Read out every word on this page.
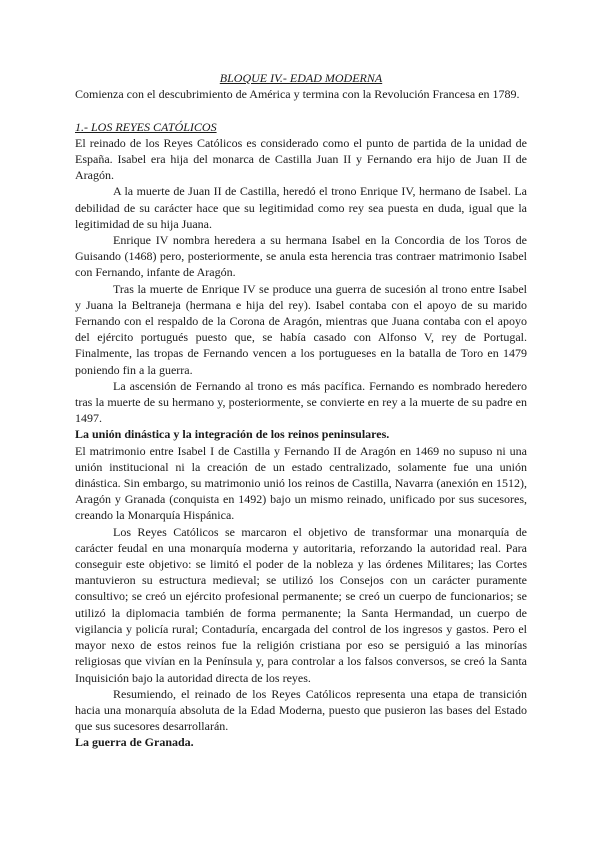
BLOQUE IV.- EDAD MODERNA

Comienza con el descubrimiento de América y termina con la Revolución Francesa en 1789.

1.- LOS REYES CATÓLICOS

El reinado de los Reyes Católicos es considerado como el punto de partida de la unidad de España. Isabel era hija del monarca de Castilla Juan II y Fernando era hijo de Juan II de Aragón.

A la muerte de Juan II de Castilla, heredó el trono Enrique IV, hermano de Isabel. La debilidad de su carácter hace que su legitimidad como rey sea puesta en duda, igual que la legitimidad de su hija Juana.

Enrique IV nombra heredera a su hermana Isabel en la Concordia de los Toros de Guisando (1468) pero, posteriormente, se anula esta herencia tras contraer matrimonio Isabel con Fernando, infante de Aragón.

Tras la muerte de Enrique IV se produce una guerra de sucesión al trono entre Isabel y Juana la Beltraneja (hermana e hija del rey). Isabel contaba con el apoyo de su marido Fernando con el respaldo de la Corona de Aragón, mientras que Juana contaba con el apoyo del ejército portugués puesto que, se había casado con Alfonso V, rey de Portugal. Finalmente, las tropas de Fernando vencen a los portugueses en la batalla de Toro en 1479 poniendo fin a la guerra.

La ascensión de Fernando al trono es más pacífica. Fernando es nombrado heredero tras la muerte de su hermano y, posteriormente, se convierte en rey a la muerte de su padre en 1497.

La unión dinástica y la integración de los reinos peninsulares.

El matrimonio entre Isabel I de Castilla y Fernando II de Aragón en 1469 no supuso ni una unión institucional ni la creación de un estado centralizado, solamente fue una unión dinástica. Sin embargo, su matrimonio unió los reinos de Castilla, Navarra (anexión en 1512), Aragón y Granada (conquista en 1492) bajo un mismo reinado, unificado por sus sucesores, creando la Monarquía Hispánica.

Los Reyes Católicos se marcaron el objetivo de transformar una monarquía de carácter feudal en una monarquía moderna y autoritaria, reforzando la autoridad real. Para conseguir este objetivo: se limitó el poder de la nobleza y las órdenes Militares; las Cortes mantuvieron su estructura medieval; se utilizó los Consejos con un carácter puramente consultivo; se creó un ejército profesional permanente; se creó un cuerpo de funcionarios; se utilizó la diplomacia también de forma permanente; la Santa Hermandad, un cuerpo de vigilancia y policía rural; Contaduría, encargada del control de los ingresos y gastos. Pero el mayor nexo de estos reinos fue la religión cristiana por eso se persiguió a las minorías religiosas que vivían en la Península y, para controlar a los falsos conversos, se creó la Santa Inquisición bajo la autoridad directa de los reyes.

Resumiendo, el reinado de los Reyes Católicos representa una etapa de transición hacia una monarquía absoluta de la Edad Moderna, puesto que pusieron las bases del Estado que sus sucesores desarrollarán.

La guerra de Granada.
